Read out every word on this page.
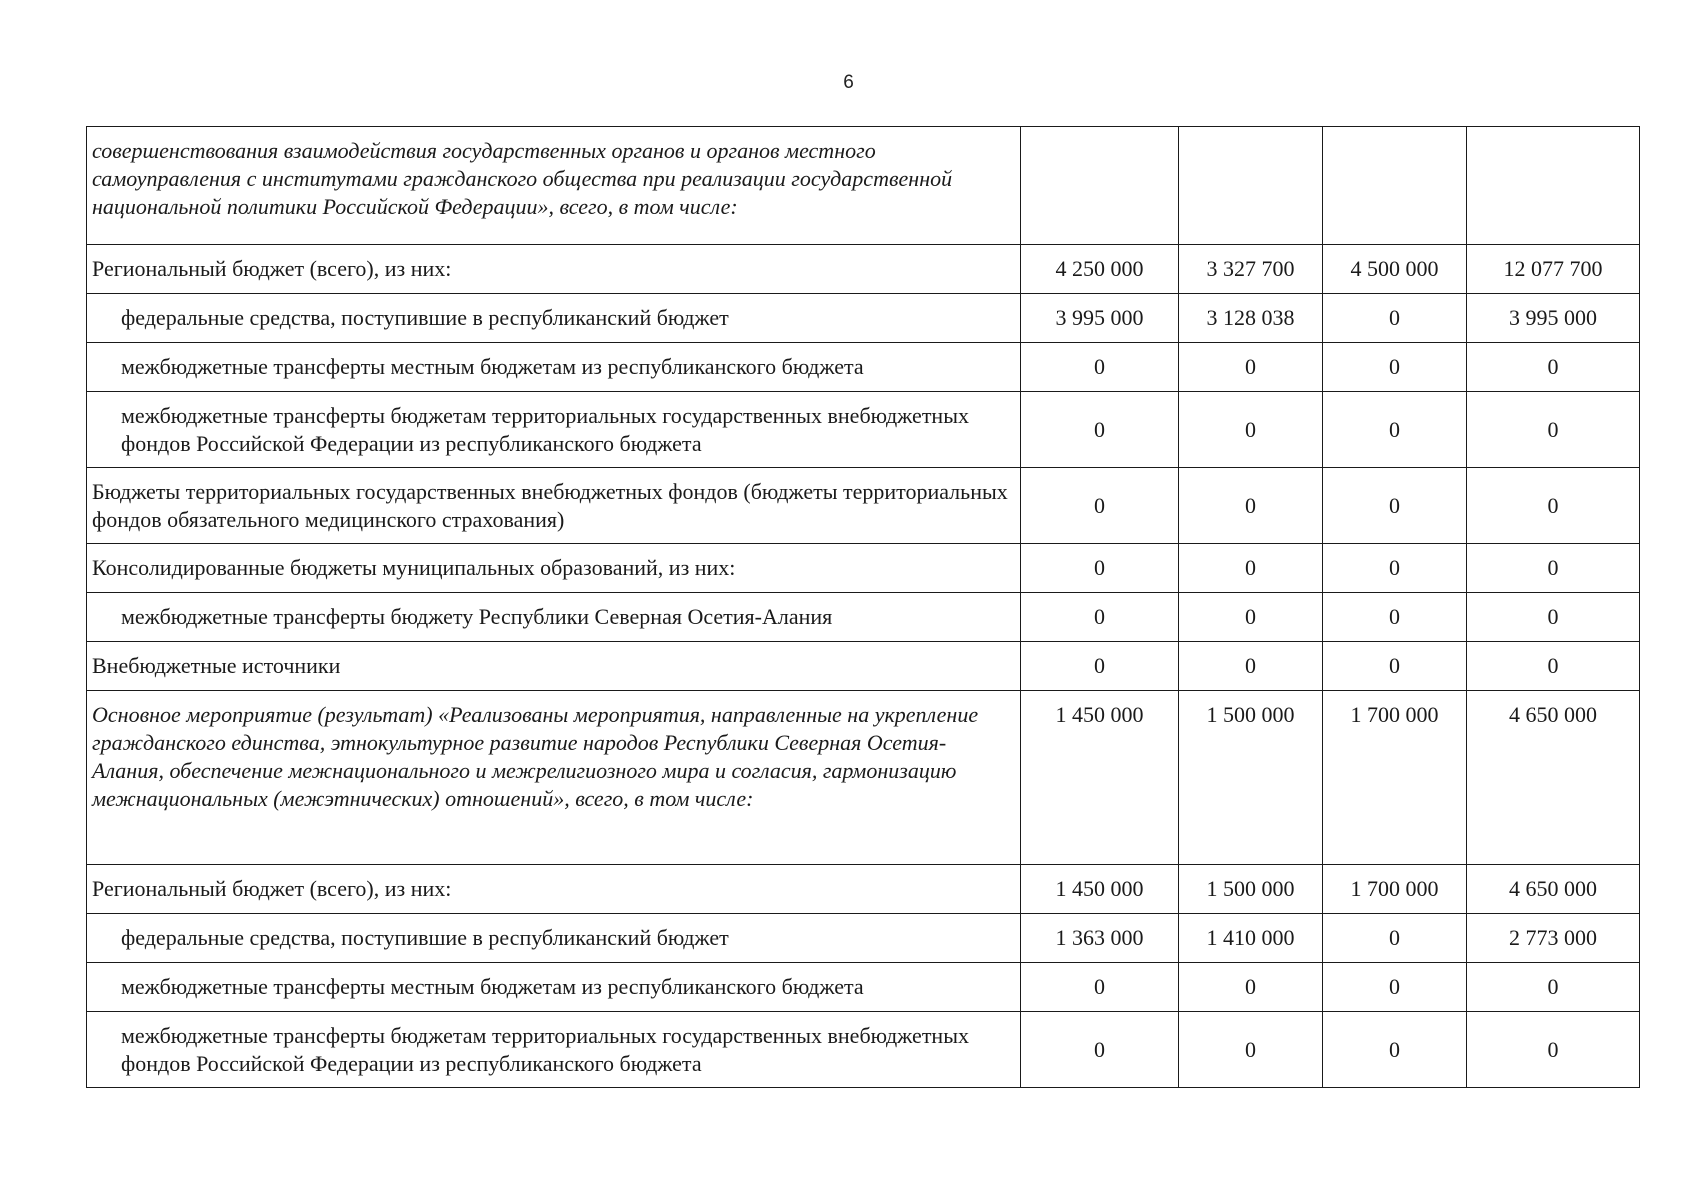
6
совершенствования взаимодействия государственных органов и органов местного самоуправления с институтами гражданского общества при реализации государственной национальной политики Российской Федерации», всего, в том числе:				
Региональный бюджет (всего), из них:	4 250 000	3 327 700	4 500 000	12 077 700
федеральные средства, поступившие в республиканский бюджет	3 995 000	3 128 038	0	3 995 000
межбюджетные трансферты местным бюджетам из республиканского бюджета	0	0	0	0
межбюджетные трансферты бюджетам территориальных государственных внебюджетных фондов Российской Федерации из республиканского бюджета	0	0	0	0
Бюджеты территориальных государственных внебюджетных фондов (бюджеты территориальных фондов обязательного медицинского страхования)	0	0	0	0
Консолидированные бюджеты муниципальных образований, из них:	0	0	0	0
межбюджетные трансферты бюджету Республики Северная Осетия-Алания	0	0	0	0
Внебюджетные источники	0	0	0	0
Основное мероприятие (результат) «Реализованы мероприятия, направленные на укрепление гражданского единства, этнокультурное развитие народов Республики Северная Осетия-Алания, обеспечение межнационального и межрелигиозного мира и согласия, гармонизацию межнациональных (межэтнических) отношений», всего, в том числе:	1 450 000	1 500 000	1 700 000	4 650 000
Региональный бюджет (всего), из них:	1 450 000	1 500 000	1 700 000	4 650 000
федеральные средства, поступившие в республиканский бюджет	1 363 000	1 410 000	0	2 773 000
межбюджетные трансферты местным бюджетам из республиканского бюджета	0	0	0	0
межбюджетные трансферты бюджетам территориальных государственных внебюджетных фондов Российской Федерации из республиканского бюджета	0	0	0	0
